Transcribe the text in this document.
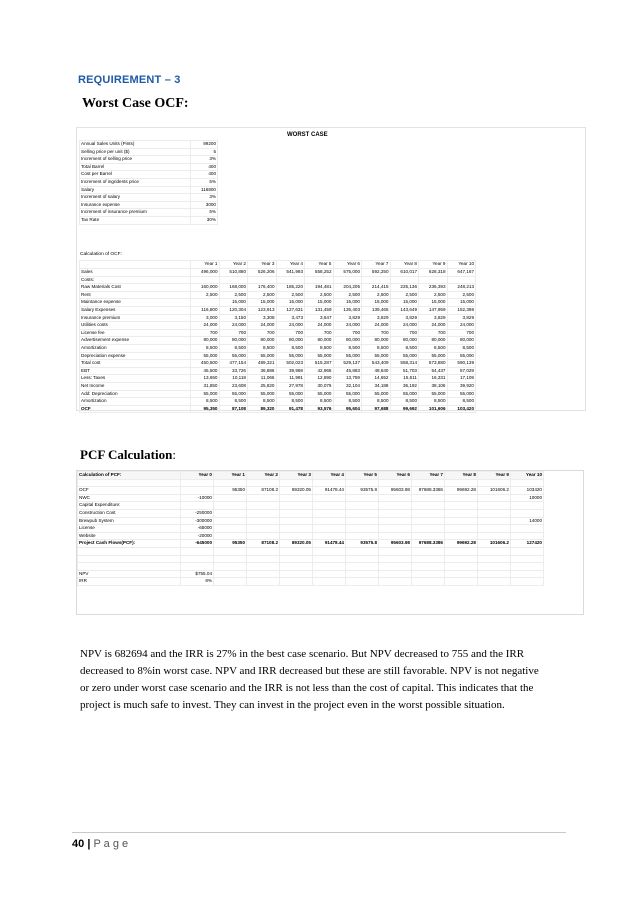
REQUIREMENT – 3
Worst Case OCF:
WORST CASE
Annual Sales Units (Pints)	99200
Selling price per unit ($)	5
Increment of selling price	3%
Total Barrel	400
Cost per Barrel	400
Increment of ingridents price	5%
Salary	116800
Increment of salary	3%
Insurance expense	3000
Increment of insurance premium	5%
Tax Rate	30%
Calculation of OCF:
	Year 1	Year 2	Year 3	Year 4	Year 5	Year 6	Year 7	Year 8	Year 9	Year 10
Sales	496,000	510,880	526,206	541,993	558,252	575,000	592,250	610,017	628,318	647,167
Costs:										
Raw Materials Cost	160,000	168,000	176,400	185,220	194,481	204,205	214,415	225,136	236,393	248,213
Rent	2,500	2,500	2,500	2,500	2,500	2,500	2,500	2,500	2,500	2,500
Maintance expense		15,000	15,000	15,000	15,000	15,000	15,000	15,000	15,000	15,000
Salary Expenses	116,800	120,304	123,913	127,631	131,459	135,403	139,465	143,649	147,959	152,398
Insurance premium	3,000	3,150	3,308	3,473	3,647	3,829	3,829	3,829	3,829	3,829
Utilities costs	24,000	24,000	24,000	24,000	24,000	24,000	24,000	24,000	24,000	24,000
License fee	700	700	700	700	700	700	700	700	700	700
Advertisement expense	80,000	80,000	80,000	80,000	80,000	80,000	80,000	80,000	80,000	80,000
Amortization	8,500	8,500	8,500	8,500	8,500	8,500	8,500	8,500	8,500	8,500
Depreciation expense	55,000	55,000	55,000	55,000	55,000	55,000	55,000	55,000	55,000	55,000
Total cost	450,500	477,154	489,321	502,023	515,287	529,137	543,409	558,314	573,880	590,139
EBT	45,500	33,726	36,886	39,969	42,965	45,863	48,840	51,703	54,437	57,029
Less: Taxes	13,650	10,118	11,066	11,991	12,890	13,759	14,652	15,511	16,331	17,109
Net Income	31,850	23,608	25,820	27,978	30,076	32,104	34,188	36,192	38,106	39,920
Add: Depreciation	55,000	55,000	55,000	55,000	55,000	55,000	55,000	55,000	55,000	55,000
Amortization	8,500	8,500	8,500	8,500	8,500	8,500	8,500	8,500	8,500	8,500
OCF	95,350	87,108	89,320	91,478	93,576	95,604	97,688	99,692	101,606	103,420
PCF Calculation:
Calculation of PCF:	Year 0	Year 1	Year 2	Year 3	Year 4	Year 5	Year 6	Year 7	Year 8	Year 9	Year 10

OCF		95350	87108.2	89320.05	91478.44	93575.8	95603.98	97688.3386	99692.28	101606.2	103420
NWC	-10000										10000
Capital Expenditure:											
Construction Cost	-250000										
Brewpub System	-300000										14000
License	-65000										
Website	-20000										
Project Cash Flows(PCF):	-645000	95350	87108.2	89320.05	91478.44	93575.8	95603.98	97688.3386	99692.28	101606.2	127420

NPV	$755.04										
IRR	8%										

NPV is 682694 and the IRR is 27% in the best case scenario. But NPV decreased to 755 and the IRR decreased to 8%in worst case. NPV and IRR decreased but these are still favorable. NPV is not negative or zero under worst case scenario and the IRR is not less than the cost of capital. This indicates that the project is much safe to invest. They can invest in the project even in the worst possible situation.

40 | P a g e
